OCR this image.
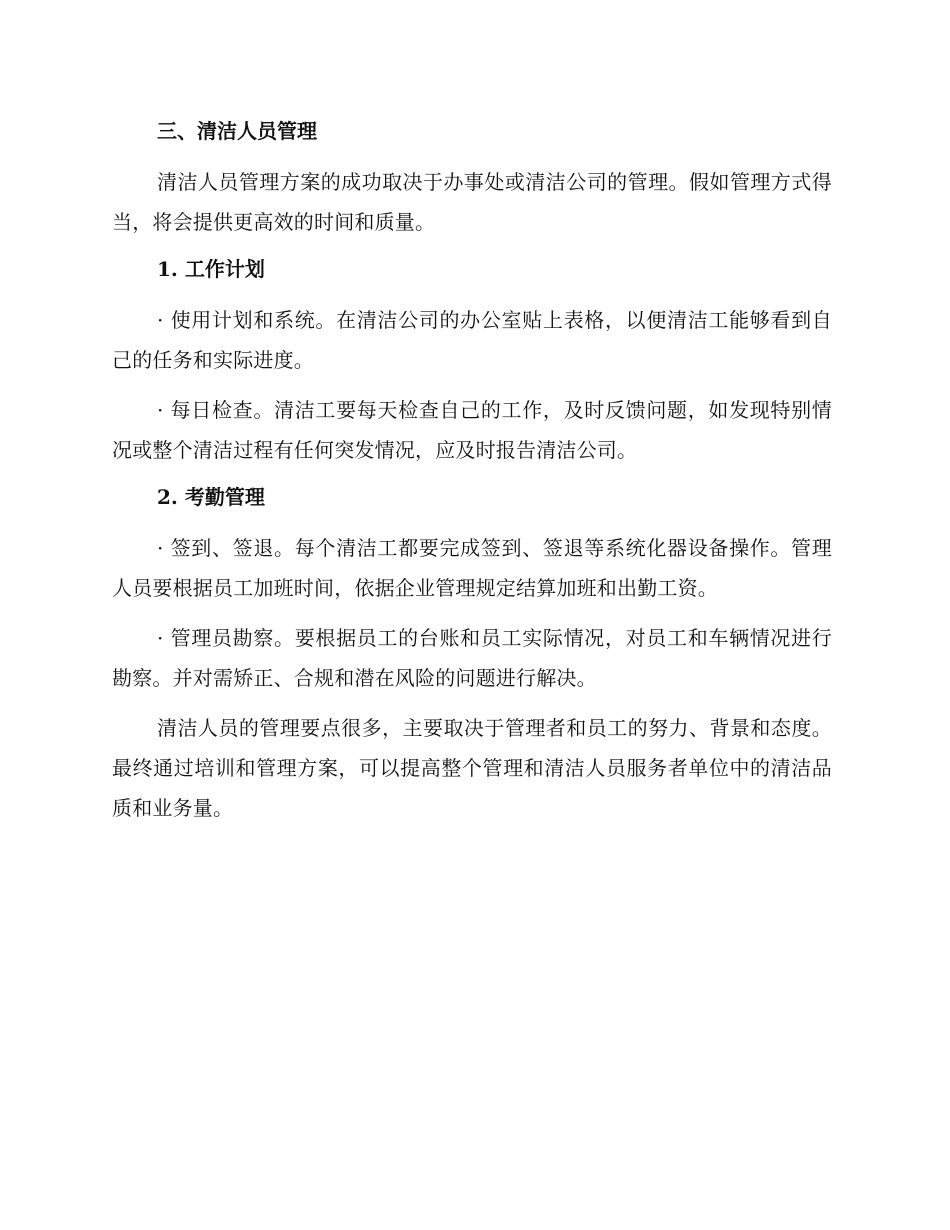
三、清洁人员管理

清洁人员管理方案的成功取决于办事处或清洁公司的管理。假如管理方式得当，将会提供更高效的时间和质量。

1. 工作计划

· 使用计划和系统。在清洁公司的办公室贴上表格，以便清洁工能够看到自己的任务和实际进度。

· 每日检查。清洁工要每天检查自己的工作，及时反馈问题，如发现特别情况或整个清洁过程有任何突发情况，应及时报告清洁公司。

2. 考勤管理

· 签到、签退。每个清洁工都要完成签到、签退等系统化器设备操作。管理人员要根据员工加班时间，依据企业管理规定结算加班和出勤工资。

· 管理员勘察。要根据员工的台账和员工实际情况，对员工和车辆情况进行勘察。并对需矫正、合规和潜在风险的问题进行解决。

清洁人员的管理要点很多，主要取决于管理者和员工的努力、背景和态度。最终通过培训和管理方案，可以提高整个管理和清洁人员服务者单位中的清洁品质和业务量。
